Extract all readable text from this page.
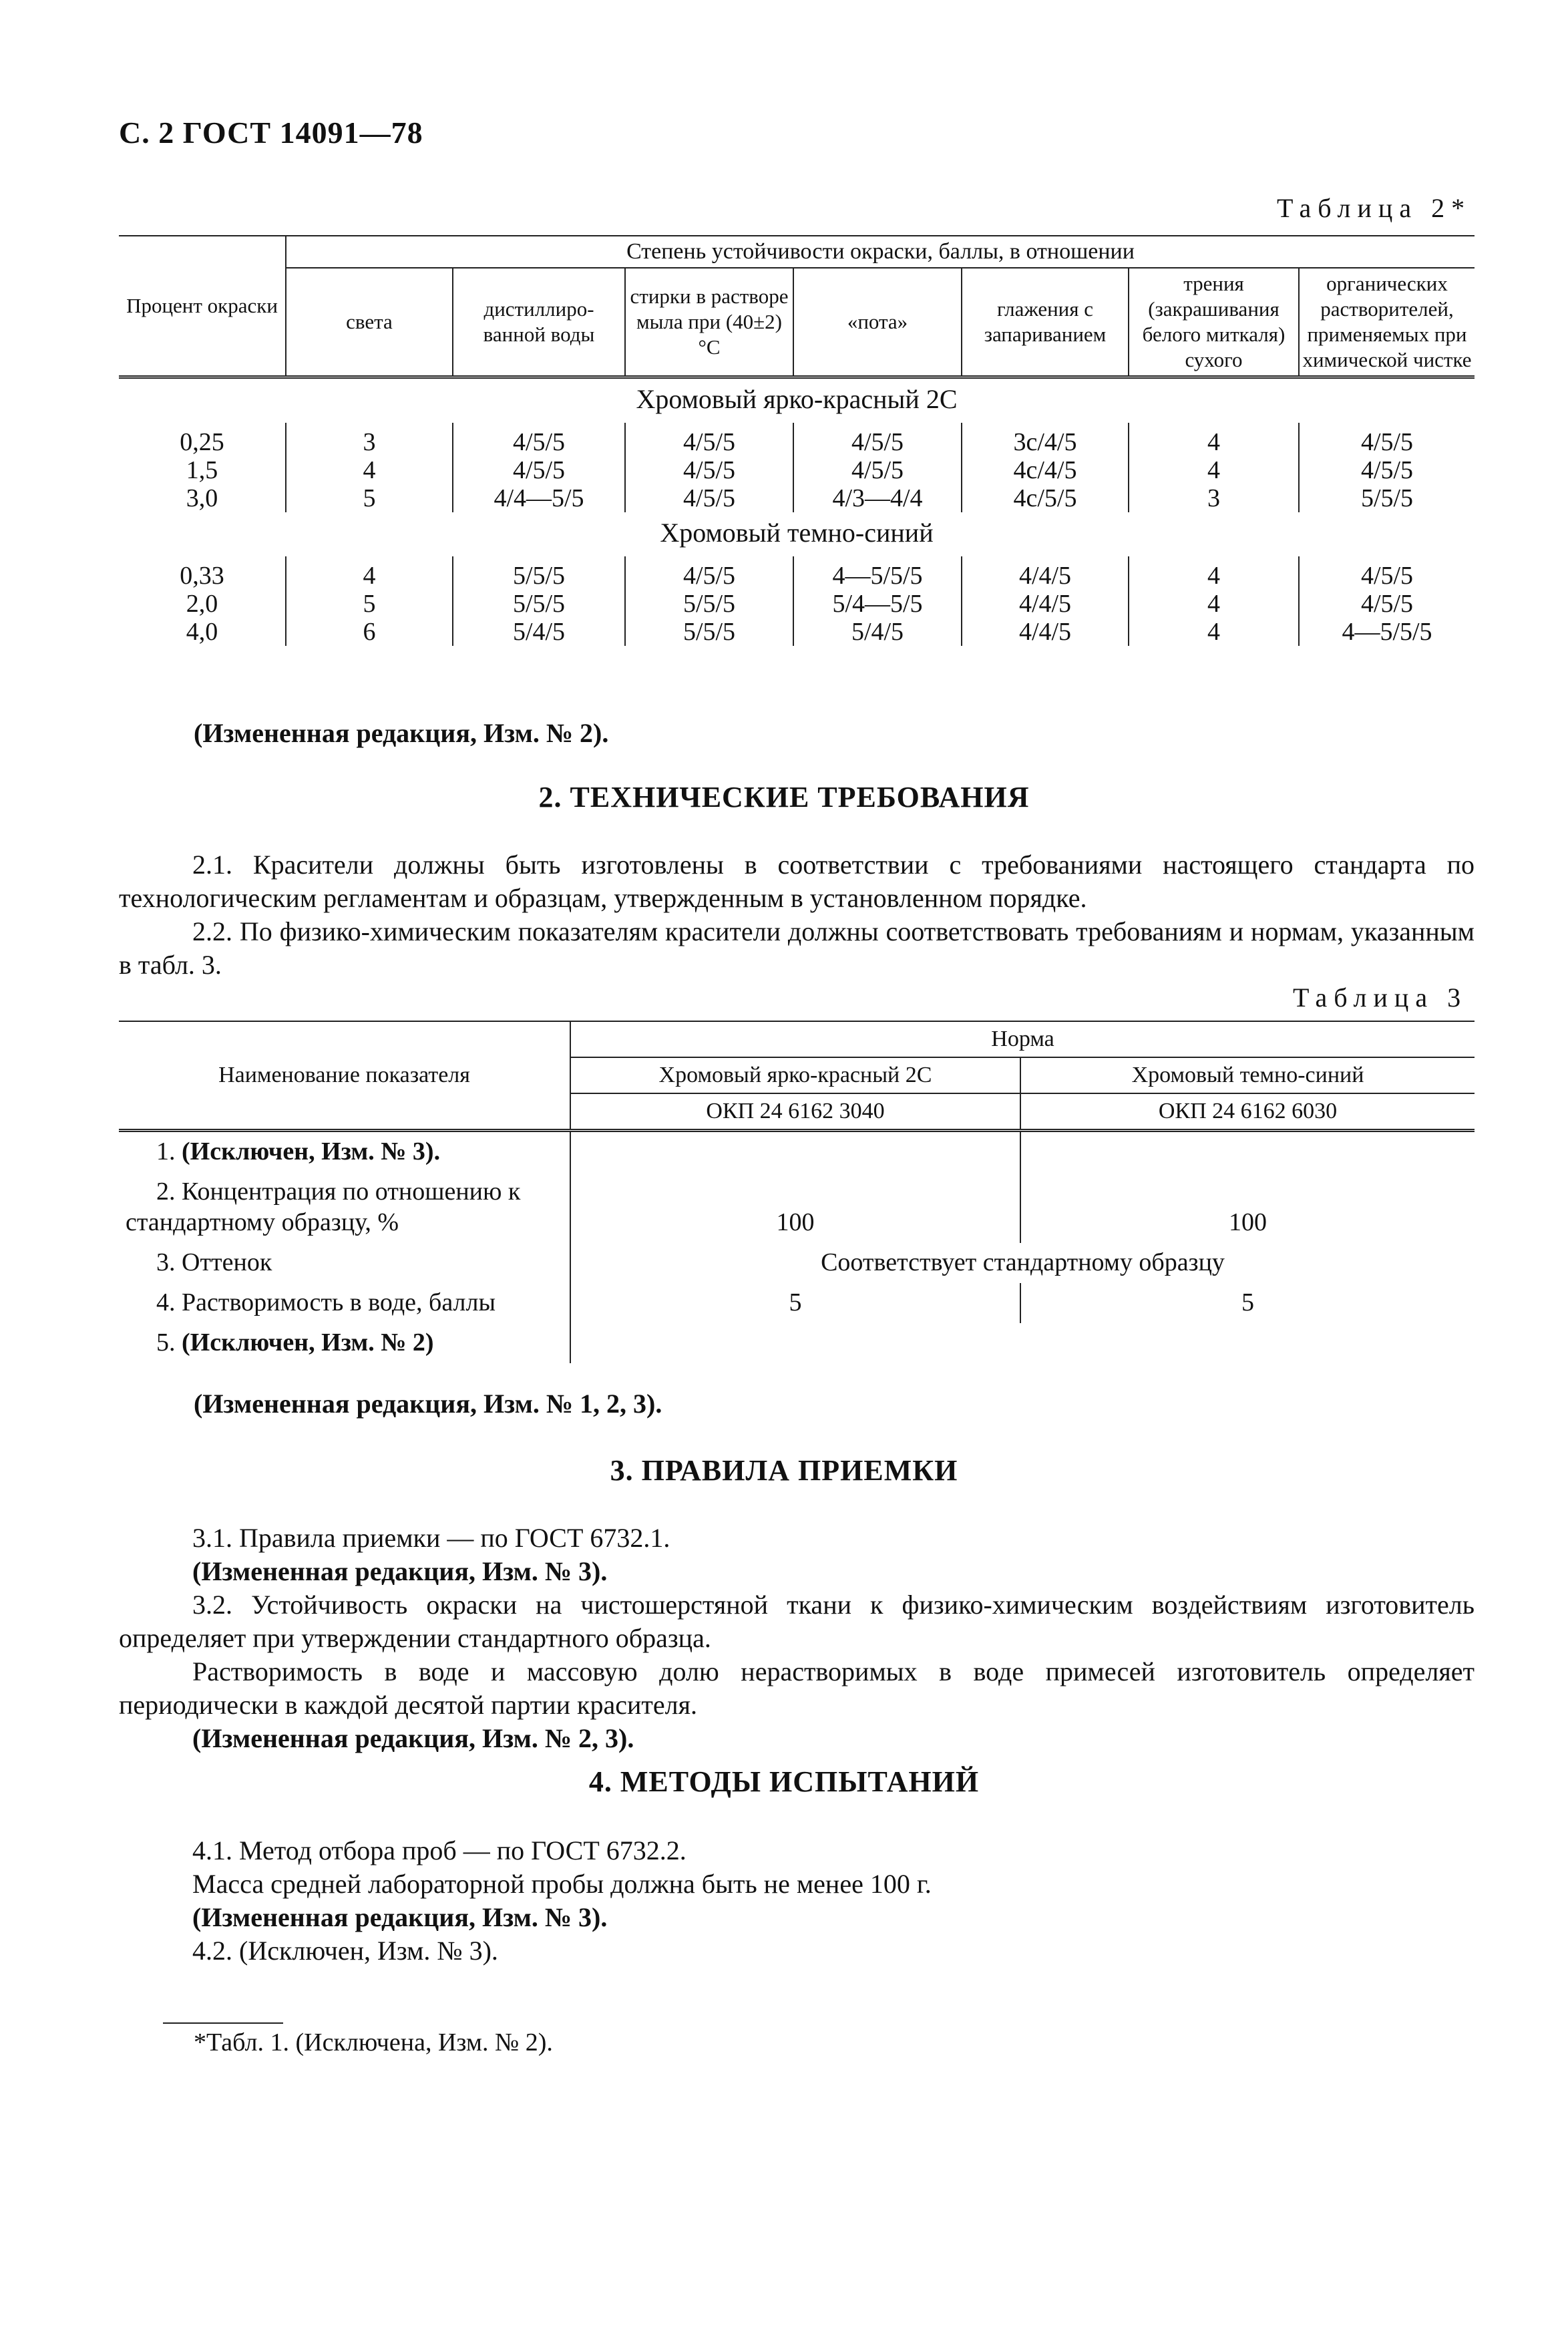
С. 2 ГОСТ 14091—78
Таблица 2*
Процент окраски	Степень устойчивости окраски, баллы, в отношении						
	света	дистиллиро- ванной воды	стирки в растворе мыла при (40±2) °С	«пота»	глажения с запариванием	трения (закрашивания белого миткаля) сухого	органических растворителей, применяемых при химической чистке
Хромовый ярко-красный 2С							
0,25	3	4/5/5	4/5/5	4/5/5	3с/4/5	4	4/5/5
1,5	4	4/5/5	4/5/5	4/5/5	4с/4/5	4	4/5/5
3,0	5	4/4—5/5	4/5/5	4/3—4/4	4с/5/5	3	5/5/5
Хромовый темно-синий							
0,33	4	5/5/5	4/5/5	4—5/5/5	4/4/5	4	4/5/5
2,0	5	5/5/5	5/5/5	5/4—5/5	4/4/5	4	4/5/5
4,0	6	5/4/5	5/5/5	5/4/5	4/4/5	4	4—5/5/5
(Измененная редакция, Изм. № 2).
2. ТЕХНИЧЕСКИЕ ТРЕБОВАНИЯ

2.1. Красители должны быть изготовлены в соответствии с требованиями настоящего стандарта по технологическим регламентам и образцам, утвержденным в установленном порядке.

2.2. По физико-химическим показателям красители должны соответствовать требованиям и нормам, указанным в табл. 3.

Таблица 3
Наименование показателя	Норма	
	Хромовый ярко-красный 2С	Хромовый темно-синий
	ОКП 24 6162 3040	ОКП 24 6162 6030
1. (Исключен, Изм. № 3).		
2. Концентрация по отношению к стандартному образцу, %	100	100
3. Оттенок	Соответствует стандартному образцу	
4. Растворимость в воде, баллы	5	5
5. (Исключен, Изм. № 2)		
(Измененная редакция, Изм. № 1, 2, 3).
3. ПРАВИЛА ПРИЕМКИ

3.1. Правила приемки — по ГОСТ 6732.1.

(Измененная редакция, Изм. № 3).

3.2. Устойчивость окраски на чистошерстяной ткани к физико-химическим воздействиям изготовитель определяет при утверждении стандартного образца.

Растворимость в воде и массовую долю нерастворимых в воде примесей изготовитель определяет периодически в каждой десятой партии красителя.

(Измененная редакция, Изм. № 2, 3).

4. МЕТОДЫ ИСПЫТАНИЙ

4.1. Метод отбора проб — по ГОСТ 6732.2.

Масса средней лабораторной пробы должна быть не менее 100 г.

(Измененная редакция, Изм. № 3).

4.2. (Исключен, Изм. № 3).

*Табл. 1. (Исключена, Изм. № 2).
